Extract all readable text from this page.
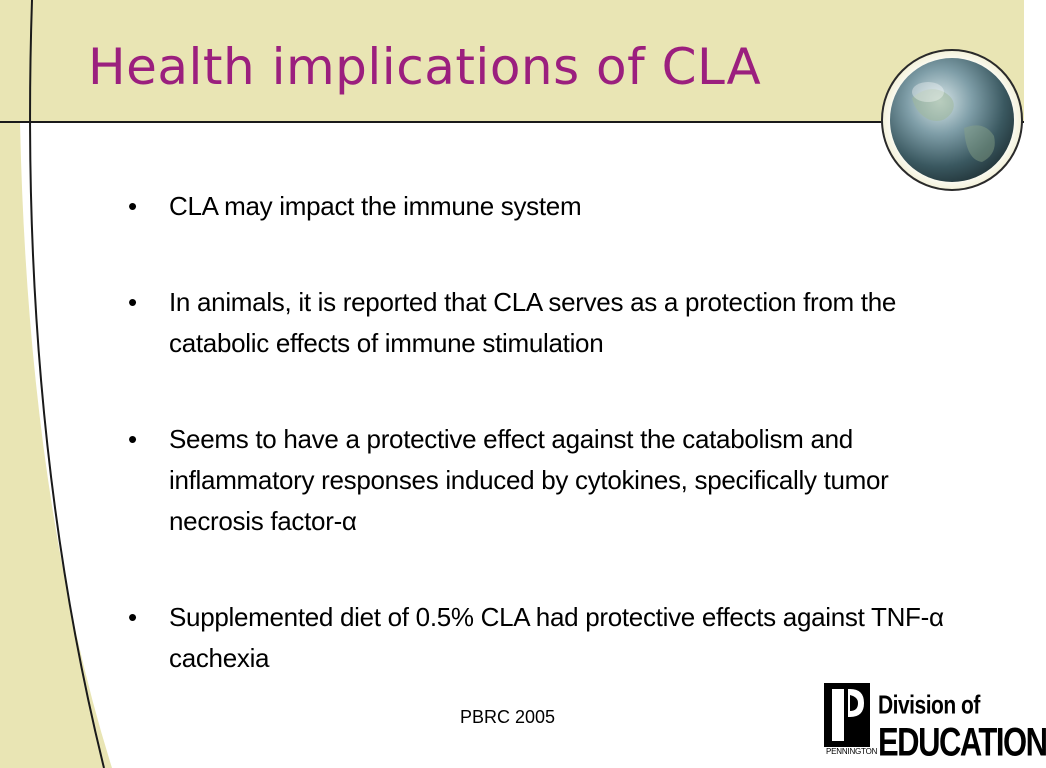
Health implications of CLA
• CLA may impact the immune system
• In animals, it is reported that CLA serves as a protection from the catabolic effects of immune stimulation
• Seems to have a protective effect against the catabolism and inflammatory responses induced by cytokines, specifically tumor necrosis factor-α
• Supplemented diet of 0.5% CLA had protective effects against TNF-α cachexia
PBRC 2005	Division of
EDUCATION
PENNINGTON
